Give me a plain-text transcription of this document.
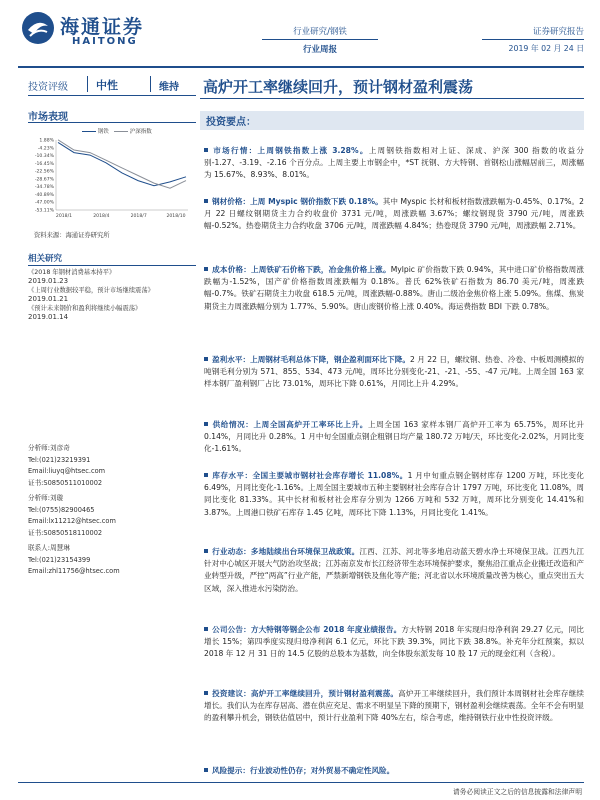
海通证券
HAITONG
行业研究/钢铁
行业周报
证券研究报告
2019 年 02 月 24 日
投资评级	中性	维持 高炉开工率继续回升，预计钢材盈利震荡
市场表现
钢铁	沪深指数
1.88%
-4.23%
-10.34%
-16.45%
-22.56%
-28.67%
-34.78%
-40.89%
-47.00%
-53.11%
2018/1	2018/4	2018/7	2018/10
资料来源：海通证券研究所
相关研究
《2018 年钢材消费基本持平》
2019.01.23
《上周行业数据较平稳，预计市场继续震荡》
2019.01.21
《预计未来钢价和盈利将继续小幅震荡》
2019.01.14
分析师:刘彦奇
Tel:(021)23219391
Email:liuyq@htsec.com
证书:S0850511010002
分析师:刘璇
Tel:(0755)82900465
Email:lx11212@htsec.com
证书:S0850518110002
联系人:周慧琳
Tel:(021)23154399
Email:zhl11756@htsec.com
投资要点：
市场行情：上周钢铁指数上涨 3.28%。上周钢铁指数相对上证、深成、沪深 300 指数的收益分别-1.27、-3.19、-2.16 个百分点。上周主要上市钢企中，*ST 抚钢、方大特钢、首钢松山涨幅居前三，周涨幅为 15.67%、8.93%、8.01%。
钢材价格：上周 Myspic 钢价指数下跌 0.18%。其中 Myspic 长材和板材指数涨跌幅为-0.45%、0.17%。2 月 22 日螺纹钢期货主力合约收盘价 3731 元/吨，周涨跌幅 3.67%；螺纹钢现货 3790 元/吨，周涨跌幅-0.52%。热卷期货主力合约收盘 3706 元/吨，周涨跌幅 4.84%；热卷现货 3790 元/吨，周涨跌幅 2.71%。
成本价格：上周铁矿石价格下跌，冶金焦价格上涨。Mylpic 矿价指数下跌 0.94%，其中进口矿价格指数周涨跌幅为-1.52%，国产矿价格指数周涨跌幅为 0.18%。普氏 62%铁矿石指数为 86.70 美元/吨，周涨跌幅-0.7%。铁矿石期货主力收盘 618.5 元/吨，周涨跌幅-0.88%。唐山二级冶金焦价格上涨 5.09%。焦煤、焦炭期货主力周涨跌幅分别为 1.77%、5.90%。唐山废钢价格上涨 0.40%。海运费指数 BDI 下跌 0.78%。
盈利水平：上周钢材毛利总体下降，钢企盈利面环比下降。2 月 22 日，螺纹钢、热卷、冷卷、中板周测模拟的吨钢毛利分别为 571、855、534、473 元/吨，周环比分别变化-21、-21、-55、-47 元/吨。上周全国 163 家样本钢厂盈利钢厂占比 73.01%，周环比下降 0.61%，月同比上升 4.29%。
供给情况：上周全国高炉开工率环比上升。上周全国 163 家样本钢厂高炉开工率为 65.75%，周环比升 0.14%，月同比升 0.28%。1 月中旬全国重点钢企粗钢日均产量 180.72 万吨/天，环比变化-2.02%，月同比变化-1.61%。
库存水平：全国主要城市钢材社会库存增长 11.08%。1 月中旬重点钢企钢材库存 1200 万吨，环比变化 6.49%，月同比变化-1.16%。上周全国主要城市五种主要钢材社会库存合计 1797 万吨，环比变化 11.08%，周同比变化 81.33%。其中长材和板材社会库存分别为 1266 万吨和 532 万吨，周环比分别变化 14.41%和 3.87%。上周港口铁矿石库存 1.45 亿吨，周环比下降 1.13%，月同比变化 1.41%。
行业动态：多地陆续出台环境保卫战政策。江西、江苏、河北等多地启动蓝天碧水净土环境保卫战。江西九江针对中心城区开展大气防治攻坚战；江苏南京发布长江经济带生态环境保护要求，聚焦沿江重点企业搬迁改造和产业转型升级，严控“两高”行业产能，严禁新增钢铁及焦化等产能；河北省以水环境质量改善为核心，重点突出五大区域，深入推进水污染防治。
公司公告：方大特钢等钢企公布 2018 年度业绩报告。方大特钢 2018 年实现归母净利润 29.27 亿元，同比增长 15%；第四季度实现归母净利润 6.1 亿元，环比下跌 39.3%，同比下跌 38.8%。补充年分红预案，拟以 2018 年 12 月 31 日的 14.5 亿股的总股本为基数，向全体股东派发每 10 股 17 元的现金红利（含税）。
投资建议：高炉开工率继续回升，预计钢材盈利震荡。高炉开工率继续回升，我们预计本周钢材社会库存继续增长。我们认为在库存居高、潜在供应充足、需求不明显呈下降的预期下，钢材盈利会继续震荡。全年不会有明显的盈利攀升机会，钢铁估值居中，预计行业盈利下降 40%左右，综合考虑，维持钢铁行业中性投资评级。
风险提示：行业波动性仍存；对外贸易不确定性风险。
请务必阅读正文之后的信息披露和法律声明
